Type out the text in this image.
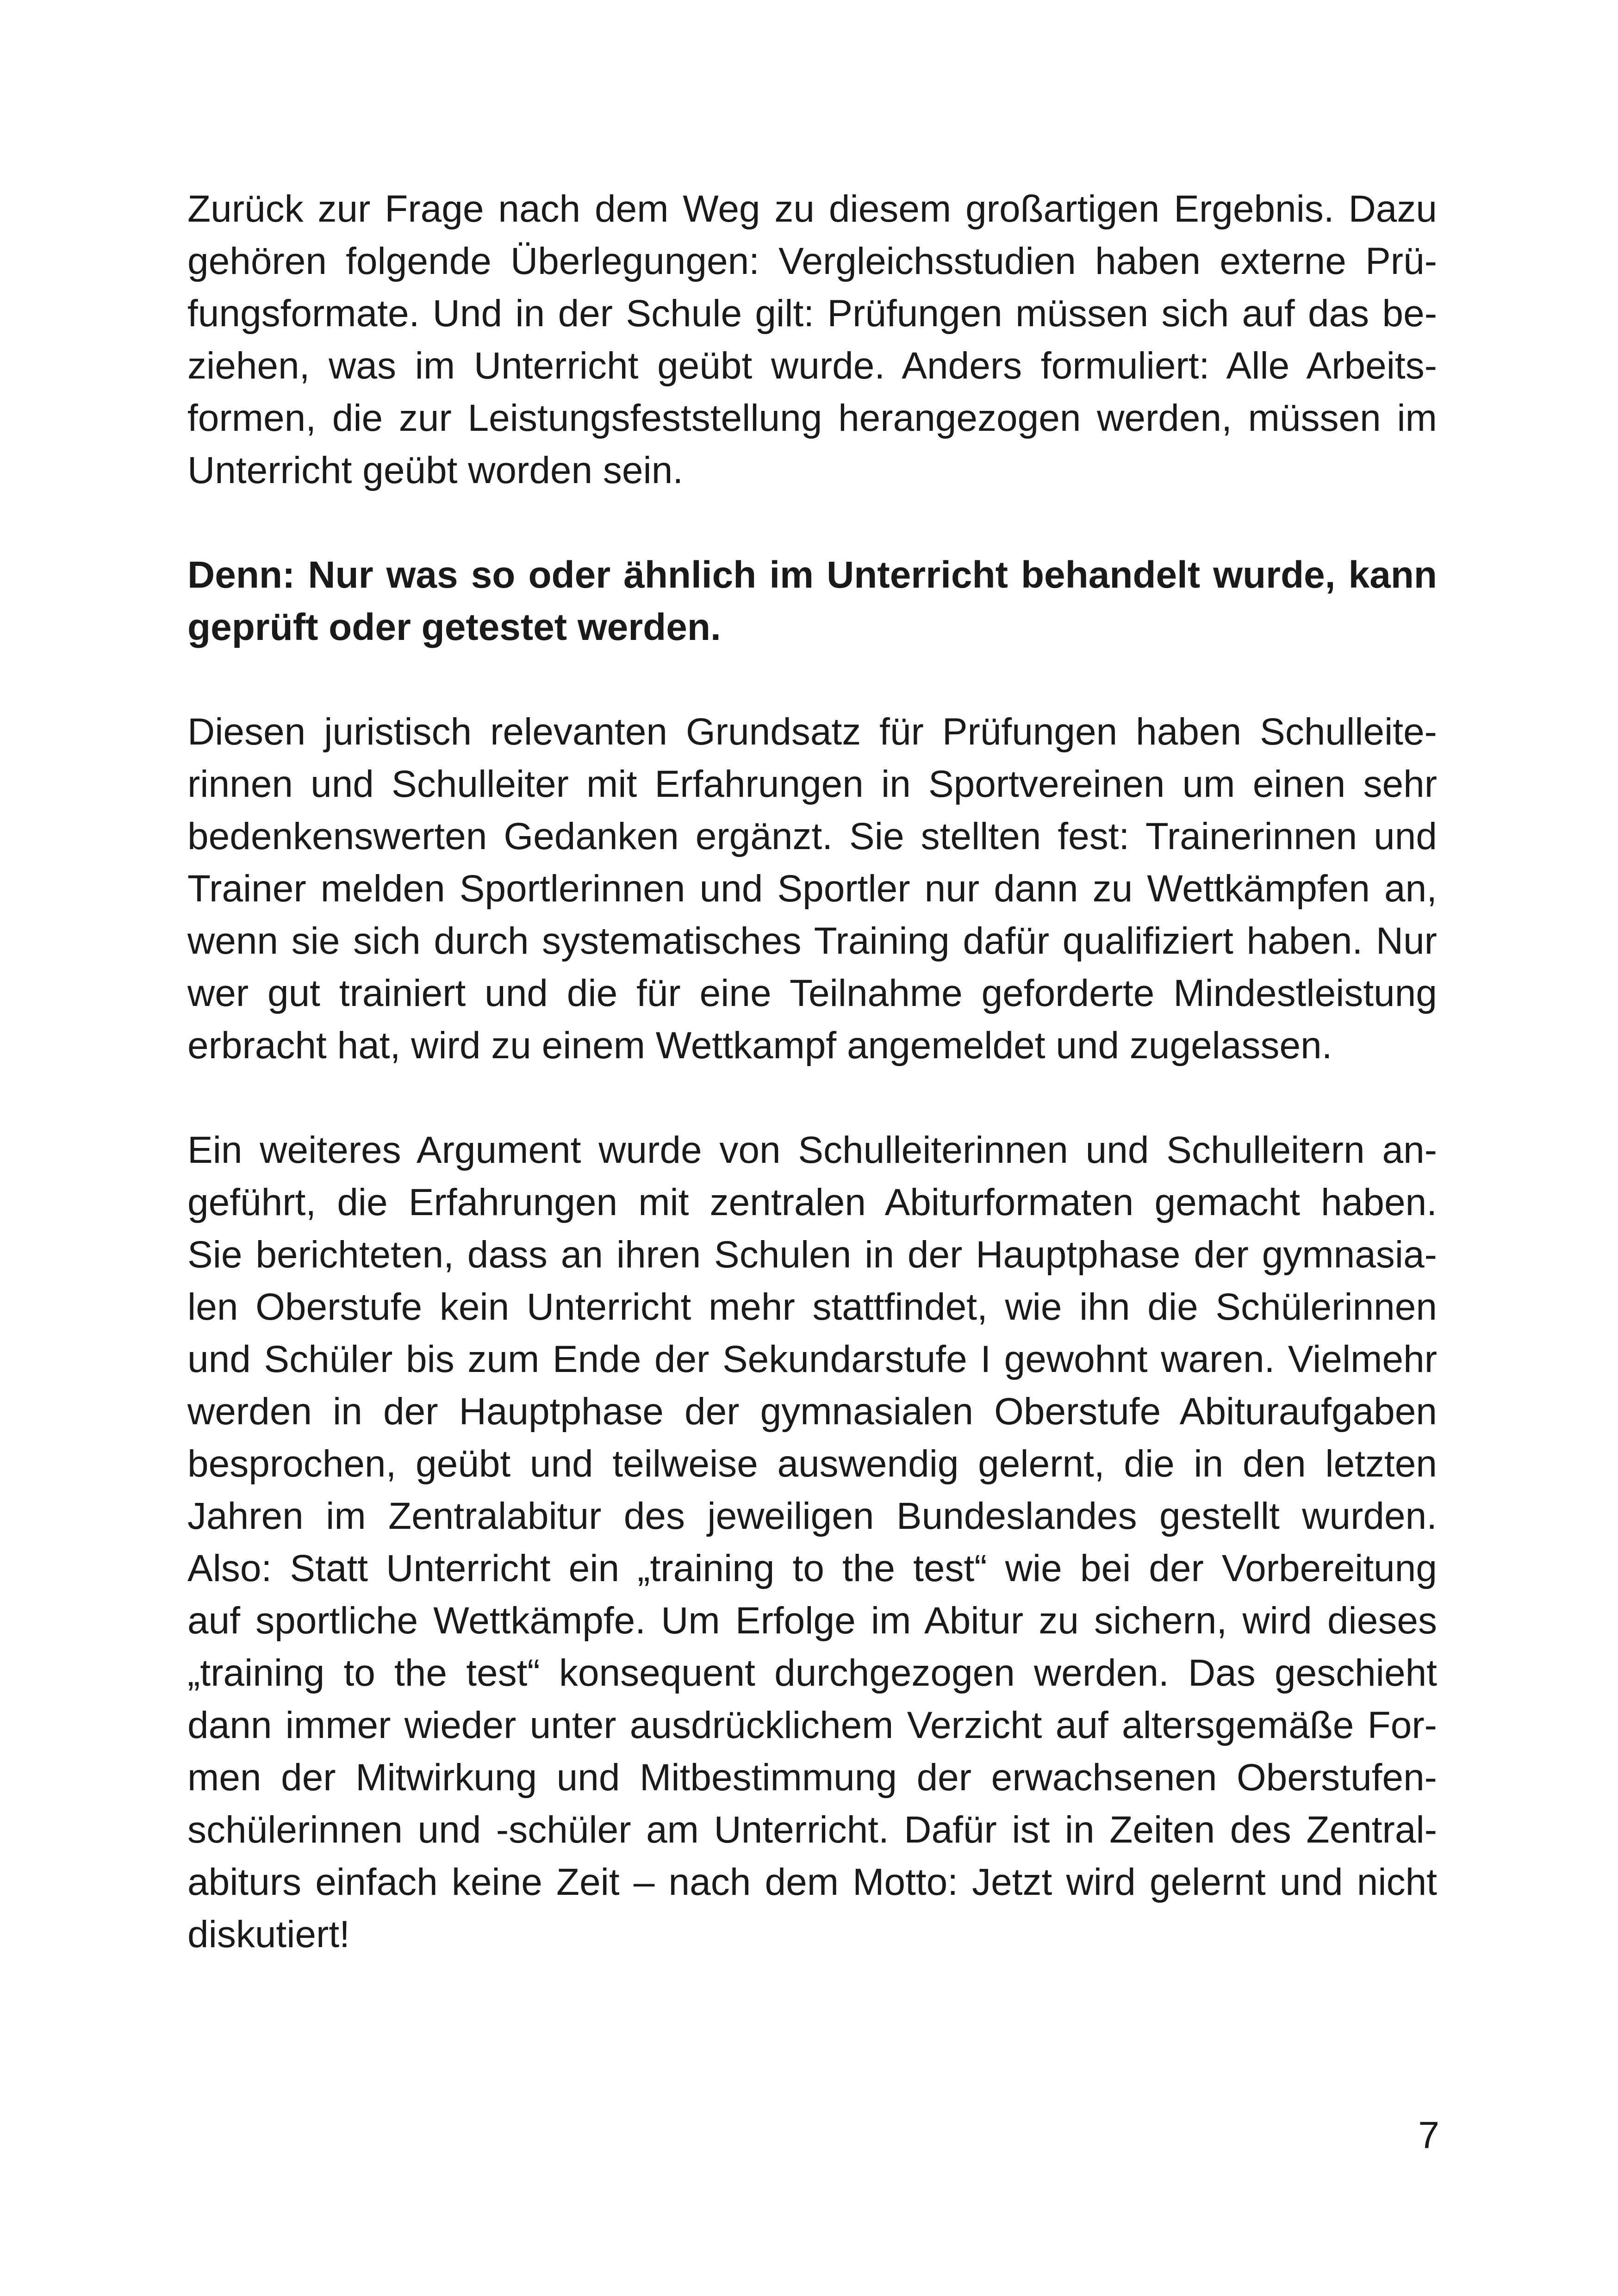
Zurück zur Frage nach dem Weg zu diesem großartigen Ergebnis. Dazu
gehören folgende Überlegungen: Vergleichsstudien haben externe Prü-
fungsformate. Und in der Schule gilt: Prüfungen müssen sich auf das be-
ziehen, was im Unterricht geübt wurde. Anders formuliert: Alle Arbeits-
formen, die zur Leistungsfeststellung herangezogen werden, müssen im
Unterricht geübt worden sein.
Denn: Nur was so oder ähnlich im Unterricht behandelt wurde, kann
geprüft oder getestet werden.
Diesen juristisch relevanten Grundsatz für Prüfungen haben Schulleite-
rinnen und Schulleiter mit Erfahrungen in Sportvereinen um einen sehr
bedenkenswerten Gedanken ergänzt. Sie stellten fest: Trainerinnen und
Trainer melden Sportlerinnen und Sportler nur dann zu Wettkämpfen an,
wenn sie sich durch systematisches Training dafür qualifiziert haben. Nur
wer gut trainiert und die für eine Teilnahme geforderte Mindestleistung
erbracht hat, wird zu einem Wettkampf angemeldet und zugelassen.
Ein weiteres Argument wurde von Schulleiterinnen und Schulleitern an-
geführt, die Erfahrungen mit zentralen Abiturformaten gemacht haben.
Sie berichteten, dass an ihren Schulen in der Hauptphase der gymnasia-
len Oberstufe kein Unterricht mehr stattfindet, wie ihn die Schülerinnen
und Schüler bis zum Ende der Sekundarstufe I gewohnt waren. Vielmehr
werden in der Hauptphase der gymnasialen Oberstufe Abituraufgaben
besprochen, geübt und teilweise auswendig gelernt, die in den letzten
Jahren im Zentralabitur des jeweiligen Bundeslandes gestellt wurden.
Also: Statt Unterricht ein „training to the test“ wie bei der Vorbereitung
auf sportliche Wettkämpfe. Um Erfolge im Abitur zu sichern, wird dieses
„training to the test“ konsequent durchgezogen werden. Das geschieht
dann immer wieder unter ausdrücklichem Verzicht auf altersgemäße For-
men der Mitwirkung und Mitbestimmung der erwachsenen Oberstufen-
schülerinnen und -schüler am Unterricht. Dafür ist in Zeiten des Zentral-
abiturs einfach keine Zeit – nach dem Motto: Jetzt wird gelernt und nicht
diskutiert!
7
